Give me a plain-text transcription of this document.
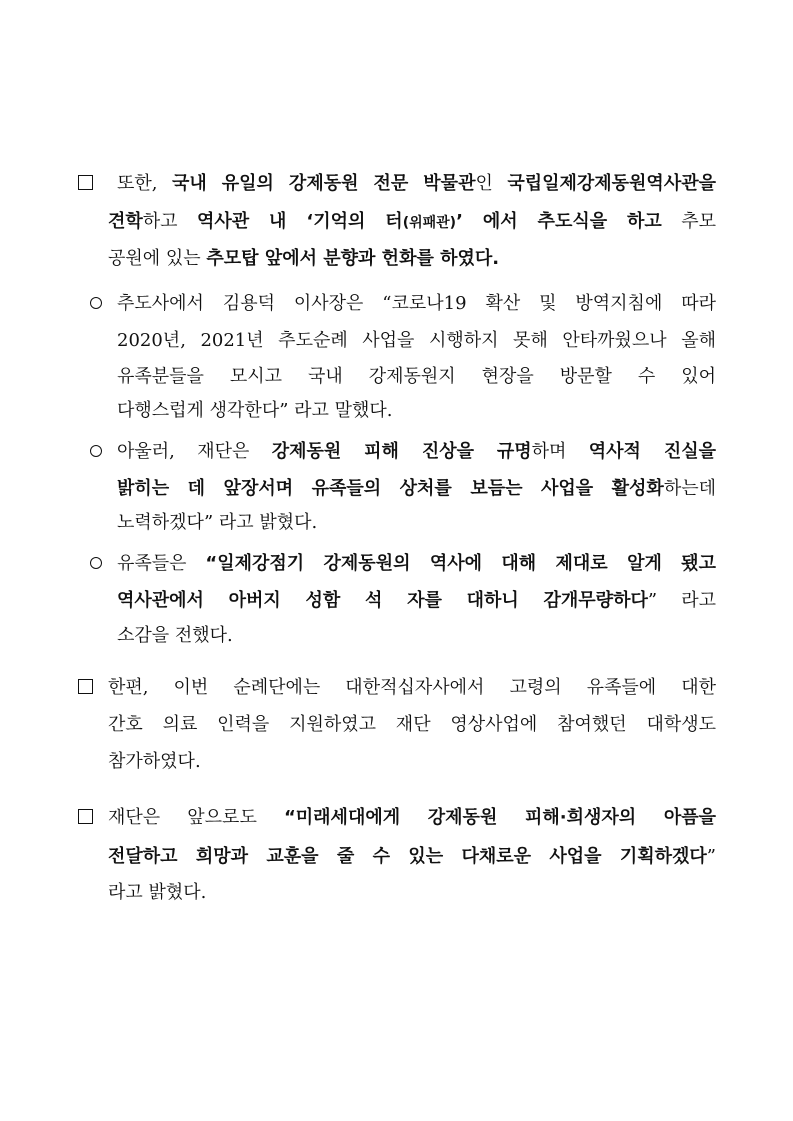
또한, 국내 유일의 강제동원 전문 박물관인 국립일제강제동원역사관을
견학하고 역사관 내 ‘기억의 터(위패관)’ 에서 추도식을 하고 추모
공원에 있는 추모탑 앞에서 분향과 헌화를 하였다.
추도사에서 김용덕 이사장은 “코로나19 확산 및 방역지침에 따라
2020년, 2021년 추도순례 사업을 시행하지 못해 안타까웠으나 올해
유족분들을 모시고 국내 강제동원지 현장을 방문할 수 있어
다행스럽게 생각한다” 라고 말했다.
아울러, 재단은 강제동원 피해 진상을 규명하며 역사적 진실을
밝히는 데 앞장서며 유족들의 상처를 보듬는 사업을 활성화하는데
노력하겠다” 라고 밝혔다.
유족들은 “일제강점기 강제동원의 역사에 대해 제대로 알게 됐고
역사관에서 아버지 성함 석 자를 대하니 감개무량하다” 라고
소감을 전했다.
한편, 이번 순례단에는 대한적십자사에서 고령의 유족들에 대한
간호 의료 인력을 지원하였고 재단 영상사업에 참여했던 대학생도
참가하였다.
재단은 앞으로도 “미래세대에게 강제동원 피해·희생자의 아픔을
전달하고 희망과 교훈을 줄 수 있는 다채로운 사업을 기획하겠다”
라고 밝혔다.
